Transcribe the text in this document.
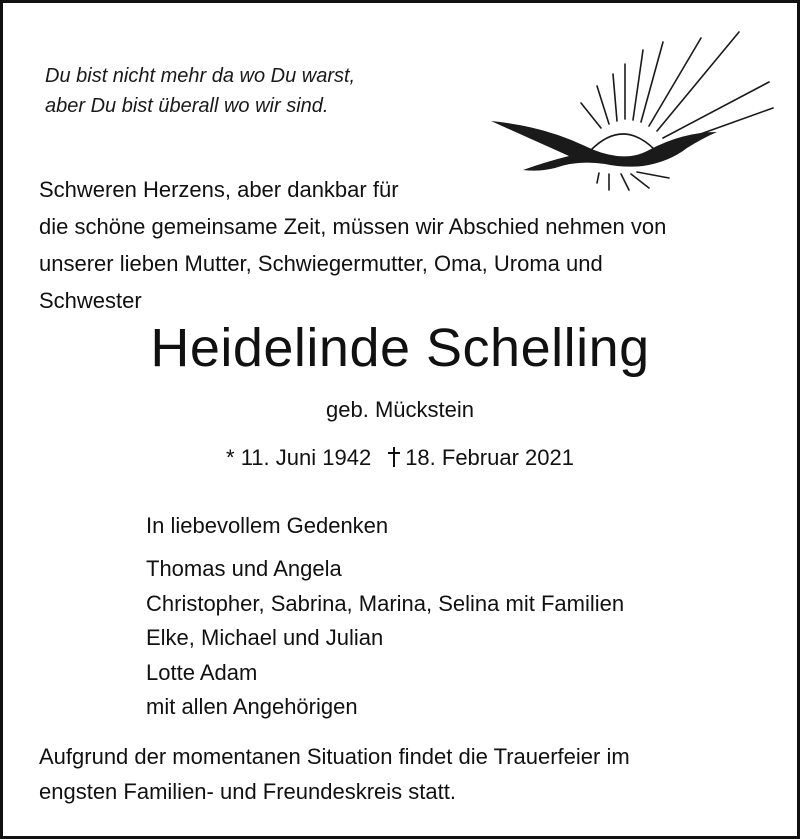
Du bist nicht mehr da wo Du warst,
aber Du bist überall wo wir sind.
Schweren Herzens, aber dankbar für
die schöne gemeinsame Zeit, müssen wir Abschied nehmen von
unserer lieben Mutter, Schwiegermutter, Oma, Uroma und
Schwester
Heidelinde Schelling
geb. Mückstein
* 11. Juni 1942 18. Februar 2021
In liebevollem Gedenken
Thomas und Angela
Christopher, Sabrina, Marina, Selina mit Familien
Elke, Michael und Julian
Lotte Adam
mit allen Angehörigen
Aufgrund der momentanen Situation findet die Trauerfeier im
engsten Familien- und Freundeskreis statt.
